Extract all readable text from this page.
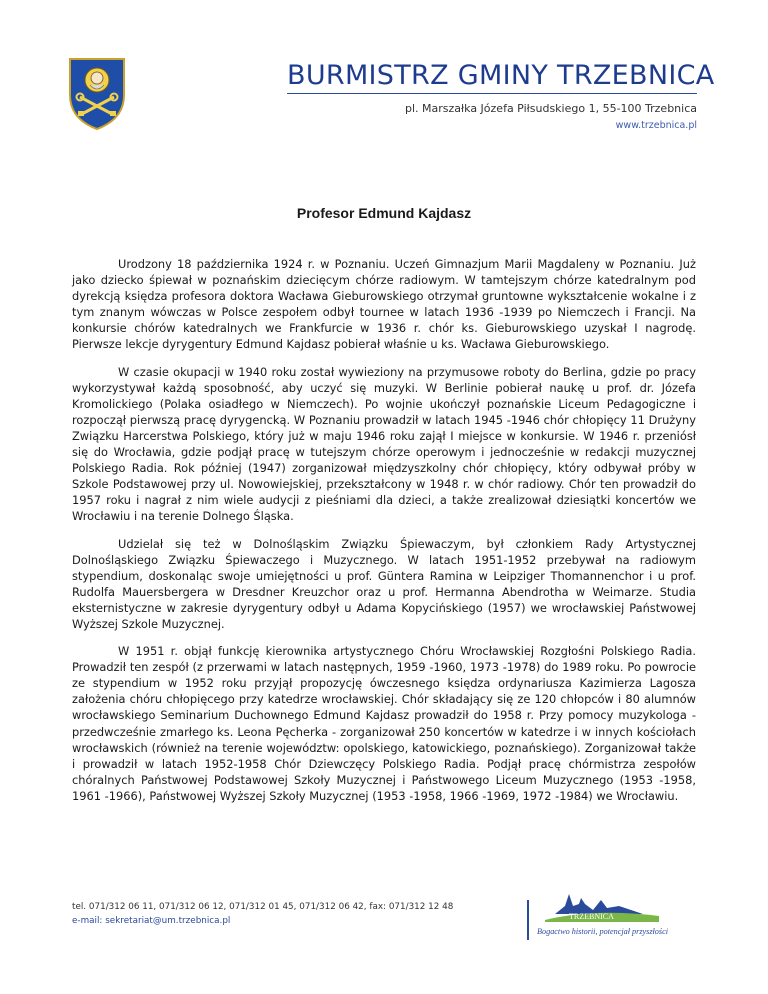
BURMISTRZ GMINY TRZEBNICA
pl. Marszałka Józefa Piłsudskiego 1, 55-100 Trzebnica
www.trzebnica.pl
Profesor Edmund Kajdasz

Urodzony 18 października 1924 r. w Poznaniu. Uczeń Gimnazjum Marii Magdaleny w Poznaniu. Już jako dziecko śpiewał w poznańskim dziecięcym chórze radiowym. W tamtejszym chórze katedralnym pod dyrekcją księdza profesora doktora Wacława Gieburowskiego otrzymał gruntowne wykształcenie wokalne i z tym znanym wówczas w Polsce zespołem odbył tournee w latach 1936 -1939 po Niemczech i Francji. Na konkursie chórów katedralnych we Frankfurcie w 1936 r. chór ks. Gieburowskiego uzyskał I nagrodę. Pierwsze lekcje dyrygentury Edmund Kajdasz pobierał właśnie u ks. Wacława Gieburowskiego.

W czasie okupacji w 1940 roku został wywieziony na przymusowe roboty do Berlina, gdzie po pracy wykorzystywał każdą sposobność, aby uczyć się muzyki. W Berlinie pobierał naukę u prof. dr. Józefa Kromolickiego (Polaka osiadłego w Niemczech). Po wojnie ukończył poznańskie Liceum Pedagogiczne i rozpoczął pierwszą pracę dyrygencką. W Poznaniu prowadził w latach 1945 -1946 chór chłopięcy 11 Drużyny Związku Harcerstwa Polskiego, który już w maju 1946 roku zajął I miejsce w konkursie. W 1946 r. przeniósł się do Wrocławia, gdzie podjął pracę w tutejszym chórze operowym i jednocześnie w redakcji muzycznej Polskiego Radia. Rok później (1947) zorganizował międzyszkolny chór chłopięcy, który odbywał próby w Szkole Podstawowej przy ul. Nowowiejskiej, przekształcony w 1948 r. w chór radiowy. Chór ten prowadził do 1957 roku i nagrał z nim wiele audycji z pieśniami dla dzieci, a także zrealizował dziesiątki koncertów we Wrocławiu i na terenie Dolnego Śląska.

Udzielał się też w Dolnośląskim Związku Śpiewaczym, był członkiem Rady Artystycznej Dolnośląskiego Związku Śpiewaczego i Muzycznego. W latach 1951-1952 przebywał na radiowym stypendium, doskonaląc swoje umiejętności u prof. Güntera Ramina w Leipziger Thomannenchor i u prof. Rudolfa Mauersbergera w Dresdner Kreuzchor oraz u prof. Hermanna Abendrotha w Weimarze. Studia eksternistyczne w zakresie dyrygentury odbył u Adama Kopycińskiego (1957) we wrocławskiej Państwowej Wyższej Szkole Muzycznej.

W 1951 r. objął funkcję kierownika artystycznego Chóru Wrocławskiej Rozgłośni Polskiego Radia. Prowadził ten zespół (z przerwami w latach następnych, 1959 -1960, 1973 -1978) do 1989 roku. Po powrocie ze stypendium w 1952 roku przyjął propozycję ówczesnego księdza ordynariusza Kazimierza Lagosza założenia chóru chłopięcego przy katedrze wrocławskiej. Chór składający się ze 120 chłopców i 80 alumnów wrocławskiego Seminarium Duchownego Edmund Kajdasz prowadził do 1958 r. Przy pomocy muzykologa - przedwcześnie zmarłego ks. Leona Pęcherka - zorganizował 250 koncertów w katedrze i w innych kościołach wrocławskich (również na terenie województw: opolskiego, katowickiego, poznańskiego). Zorganizował także i prowadził w latach 1952-1958 Chór Dziewczęcy Polskiego Radia. Podjął pracę chórmistrza zespołów chóralnych Państwowej Podstawowej Szkoły Muzycznej i Państwowego Liceum Muzycznego (1953 -1958, 1961 -1966), Państwowej Wyższej Szkoły Muzycznej (1953 -1958, 1966 -1969, 1972 -1984) we Wrocławiu.

tel. 071/312 06 11, 071/312 06 12, 071/312 01 45, 071/312 06 42, fax: 071/312 12 48
e-mail: sekretariat@um.trzebnica.pl	TRZEBNICA
Bogactwo historii, potencjał przyszłości
